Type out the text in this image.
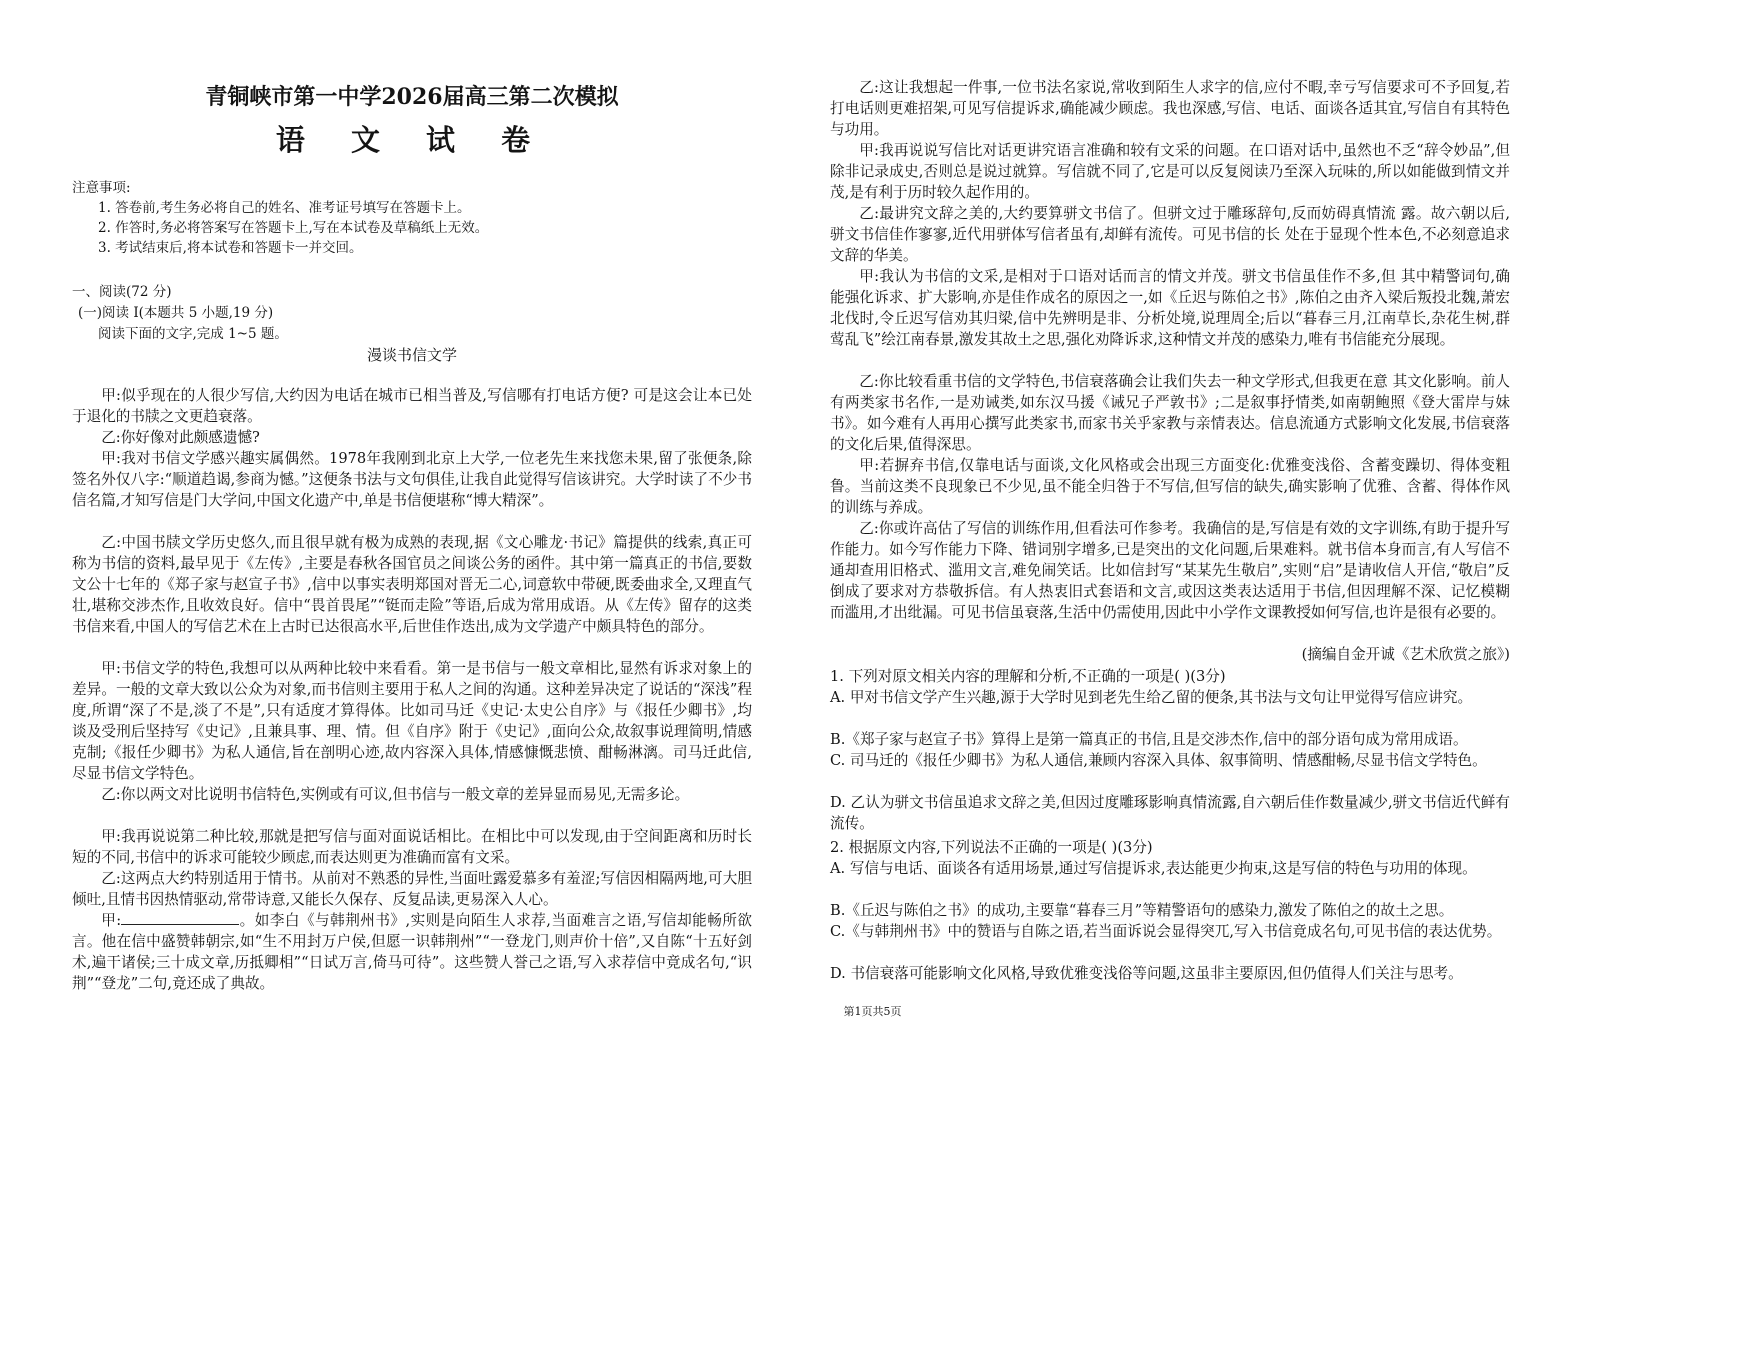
青铜峡市第一中学2026届高三第二次模拟
语 文 试 卷
注意事项:
1. 答卷前,考生务必将自己的姓名、准考证号填写在答题卡上。
2. 作答时,务必将答案写在答题卡上,写在本试卷及草稿纸上无效。
3. 考试结束后,将本试卷和答题卡一并交回。
一、阅读(72 分)
(一)阅读 I(本题共 5 小题,19 分)
阅读下面的文字,完成 1~5 题。
漫谈书信文学
甲:似乎现在的人很少写信,大约因为电话在城市已相当普及,写信哪有打电话方便? 可是这会让本已处于退化的书牍之文更趋衰落。
乙:你好像对此颇感遗憾?
甲:我对书信文学感兴趣实属偶然。1978年我刚到北京上大学,一位老先生来找您未果,留了张便条,除签名外仅八字:“顺道趋谒,参商为憾。”这便条书法与文句俱佳,让我自此觉得写信该讲究。大学时读了不少书信名篇,才知写信是门大学问,中国文化遗产中,单是书信便堪称“博大精深”。
乙:中国书牍文学历史悠久,而且很早就有极为成熟的表现,据《文心雕龙·书记》篇提供的线索,真正可称为书信的资料,最早见于《左传》,主要是春秋各国官员之间谈公务的函件。其中第一篇真正的书信,要数文公十七年的《郑子家与赵宣子书》,信中以事实表明郑国对晋无二心,词意软中带硬,既委曲求全,又理直气壮,堪称交涉杰作,且收效良好。信中“畏首畏尾”“铤而走险”等语,后成为常用成语。从《左传》留存的这类书信来看,中国人的写信艺术在上古时已达很高水平,后世佳作迭出,成为文学遗产中颇具特色的部分。
甲:书信文学的特色,我想可以从两种比较中来看看。第一是书信与一般文章相比,显然有诉求对象上的差异。一般的文章大致以公众为对象,而书信则主要用于私人之间的沟通。这种差异决定了说话的“深浅”程度,所谓“深了不是,淡了不是”,只有适度才算得体。比如司马迁《史记·太史公自序》与《报任少卿书》,均谈及受刑后坚持写《史记》,且兼具事、理、情。但《自序》附于《史记》,面向公众,故叙事说理简明,情感克制;《报任少卿书》为私人通信,旨在剖明心迹,故内容深入具体,情感慷慨悲愤、酣畅淋漓。司马迁此信,尽显书信文学特色。
乙:你以两文对比说明书信特色,实例或有可议,但书信与一般文章的差异显而易见,无需多论。
甲:我再说说第二种比较,那就是把写信与面对面说话相比。在相比中可以发现,由于空间距离和历时长短的不同,书信中的诉求可能较少顾虑,而表达则更为准确而富有文采。
乙:这两点大约特别适用于情书。从前对不熟悉的异性,当面吐露爱慕多有羞涩;写信因相隔两地,可大胆倾吐,且情书因热情驱动,常带诗意,又能长久保存、反复品读,更易深入人心。
甲:	。如李白《与韩荆州书》,实则是向陌生人求荐,当面难言之语,写信却能畅所欲言。他在信中盛赞韩朝宗,如“生不用封万户侯,但愿一识韩荆州”“一登龙门,则声价十倍”,又自陈“十五好剑术,遍干诸侯;三十成文章,历抵卿相”“日试万言,倚马可待”。这些赞人誉己之语,写入求荐信中竟成名句,“识荆”“登龙”二句,竟还成了典故。
乙:这让我想起一件事,一位书法名家说,常收到陌生人求字的信,应付不暇,幸亏写信要求可不予回复,若打电话则更难招架,可见写信提诉求,确能减少顾虑。我也深感,写信、电话、面谈各适其宜,写信自有其特色与功用。
甲:我再说说写信比对话更讲究语言准确和较有文采的问题。在口语对话中,虽然也不乏“辞令妙品”,但除非记录成史,否则总是说过就算。写信就不同了,它是可以反复阅读乃至深入玩味的,所以如能做到情文并茂,是有利于历时较久起作用的。
乙:最讲究文辞之美的,大约要算骈文书信了。但骈文过于雕琢辞句,反而妨碍真情流 露。故六朝以后,骈文书信佳作寥寥,近代用骈体写信者虽有,却鲜有流传。可见书信的长 处在于显现个性本色,不必刻意追求文辞的华美。
甲:我认为书信的文采,是相对于口语对话而言的情文并茂。骈文书信虽佳作不多,但 其中精警词句,确能强化诉求、扩大影响,亦是佳作成名的原因之一,如《丘迟与陈伯之书》,陈伯之由齐入梁后叛投北魏,萧宏北伐时,令丘迟写信劝其归梁,信中先辨明是非、分析处境,说理周全;后以“暮春三月,江南草长,杂花生树,群莺乱飞”绘江南春景,激发其故土之思,强化劝降诉求,这种情文并茂的感染力,唯有书信能充分展现。
乙:你比较看重书信的文学特色,书信衰落确会让我们失去一种文学形式,但我更在意 其文化影响。前人有两类家书名作,一是劝诫类,如东汉马援《诫兄子严敦书》;二是叙事抒情类,如南朝鲍照《登大雷岸与妹书》。如今难有人再用心撰写此类家书,而家书关乎家教与亲情表达。信息流通方式影响文化发展,书信衰落的文化后果,值得深思。
甲:若摒弃书信,仅靠电话与面谈,文化风格或会出现三方面变化:优雅变浅俗、含蓄变躁切、得体变粗鲁。当前这类不良现象已不少见,虽不能全归咎于不写信,但写信的缺失,确实影响了优雅、含蓄、得体作风的训练与养成。
乙:你或许高估了写信的训练作用,但看法可作参考。我确信的是,写信是有效的文字训练,有助于提升写作能力。如今写作能力下降、错词别字增多,已是突出的文化问题,后果难料。就书信本身而言,有人写信不通却查用旧格式、滥用文言,难免闹笑话。比如信封写“某某先生敬启”,实则“启”是请收信人开信,“敬启”反倒成了要求对方恭敬拆信。有人热衷旧式套语和文言,或因这类表达适用于书信,但因理解不深、记忆模糊而滥用,才出纰漏。可见书信虽衰落,生活中仍需使用,因此中小学作文课教授如何写信,也许是很有必要的。
(摘编自金开诚《艺术欣赏之旅》)
1. 下列对原文相关内容的理解和分析,不正确的一项是( )(3分)
A. 甲对书信文学产生兴趣,源于大学时见到老先生给乙留的便条,其书法与文句让甲觉得写信应讲究。
B.《郑子家与赵宣子书》算得上是第一篇真正的书信,且是交涉杰作,信中的部分语句成为常用成语。
C. 司马迁的《报任少卿书》为私人通信,兼顾内容深入具体、叙事简明、情感酣畅,尽显书信文学特色。
D. 乙认为骈文书信虽追求文辞之美,但因过度雕琢影响真情流露,自六朝后佳作数量减少,骈文书信近代鲜有流传。
2. 根据原文内容,下列说法不正确的一项是( )(3分)
A. 写信与电话、面谈各有适用场景,通过写信提诉求,表达能更少拘束,这是写信的特色与功用的体现。
B.《丘迟与陈伯之书》的成功,主要靠“暮春三月”等精警语句的感染力,激发了陈伯之的故土之思。
C.《与韩荆州书》中的赞语与自陈之语,若当面诉说会显得突兀,写入书信竟成名句,可见书信的表达优势。
D. 书信衰落可能影响文化风格,导致优雅变浅俗等问题,这虽非主要原因,但仍值得人们关注与思考。
第1页共5页
